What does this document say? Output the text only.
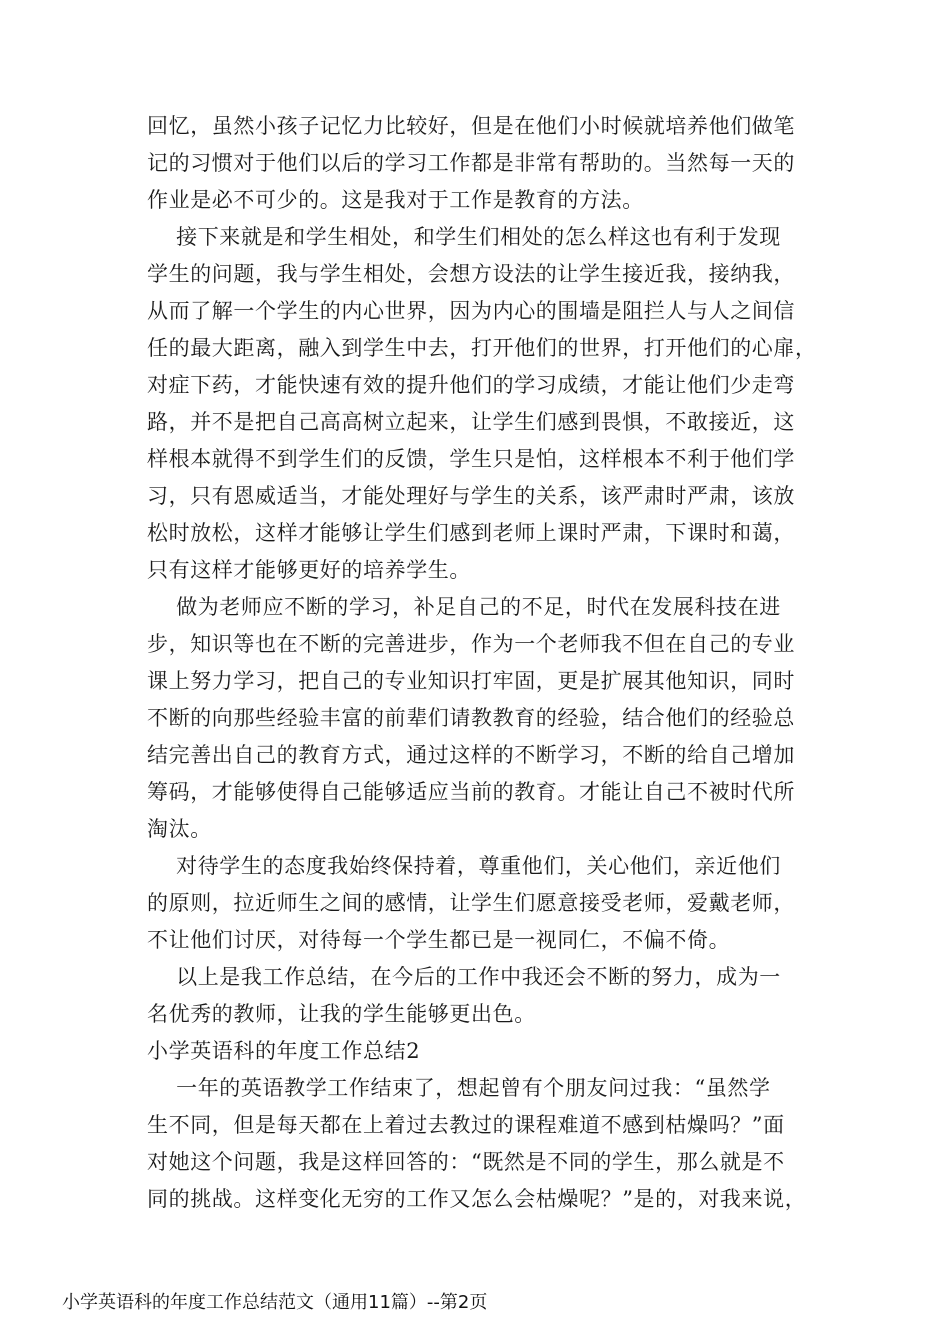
回忆，虽然小孩子记忆力比较好，但是在他们小时候就培养他们做笔
记的习惯对于他们以后的学习工作都是非常有帮助的。当然每一天的
作业是必不可少的。这是我对于工作是教育的方法。
接下来就是和学生相处，和学生们相处的怎么样这也有利于发现
学生的问题，我与学生相处，会想方设法的让学生接近我，接纳我，
从而了解一个学生的内心世界，因为内心的围墙是阻拦人与人之间信
任的最大距离，融入到学生中去，打开他们的世界，打开他们的心扉，
对症下药，才能快速有效的提升他们的学习成绩，才能让他们少走弯
路，并不是把自己高高树立起来，让学生们感到畏惧，不敢接近，这
样根本就得不到学生们的反馈，学生只是怕，这样根本不利于他们学
习，只有恩威适当，才能处理好与学生的关系，该严肃时严肃，该放
松时放松，这样才能够让学生们感到老师上课时严肃，下课时和蔼，
只有这样才能够更好的培养学生。
做为老师应不断的学习，补足自己的不足，时代在发展科技在进
步，知识等也在不断的完善进步，作为一个老师我不但在自己的专业
课上努力学习，把自己的专业知识打牢固，更是扩展其他知识，同时
不断的向那些经验丰富的前辈们请教教育的经验，结合他们的经验总
结完善出自己的教育方式，通过这样的不断学习，不断的给自己增加
筹码，才能够使得自己能够适应当前的教育。才能让自己不被时代所
淘汰。
对待学生的态度我始终保持着，尊重他们，关心他们，亲近他们
的原则，拉近师生之间的感情，让学生们愿意接受老师，爱戴老师，
不让他们讨厌，对待每一个学生都已是一视同仁，不偏不倚。
以上是我工作总结，在今后的工作中我还会不断的努力，成为一
名优秀的教师，让我的学生能够更出色。
小学英语科的年度工作总结2
一年的英语教学工作结束了，想起曾有个朋友问过我：“虽然学
生不同，但是每天都在上着过去教过的课程难道不感到枯燥吗？”面
对她这个问题，我是这样回答的：“既然是不同的学生，那么就是不
同的挑战。这样变化无穷的工作又怎么会枯燥呢？”是的，对我来说，
小学英语科的年度工作总结范文（通用11篇）--第2页
